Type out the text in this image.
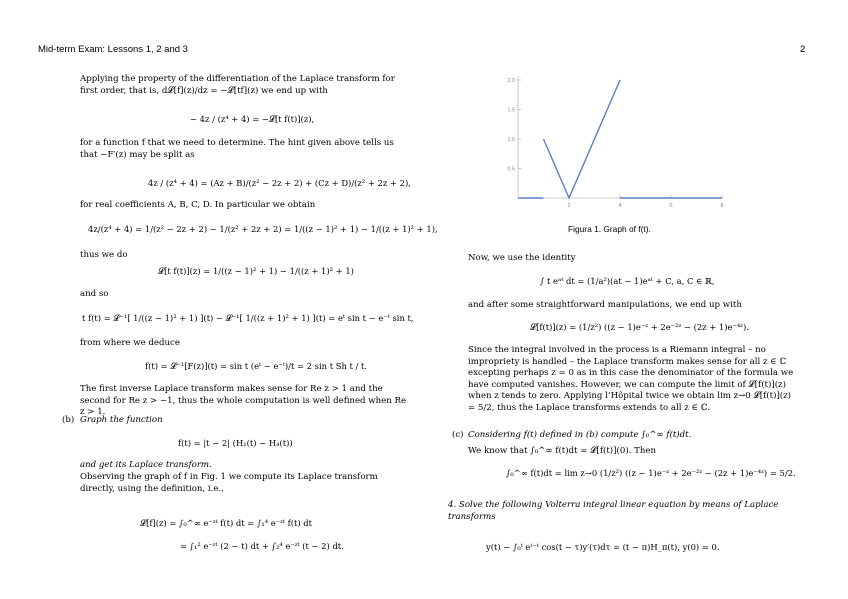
Mid-term Exam: Lessons 1, 2 and 3	2
Applying the property of the differentiation of the Laplace transform for first order, that is, d𝓛[f](z)/dz = −𝓛[tf](z) we end up with
− 4z / (z⁴ + 4) = −𝓛[t f(t)](z),
for a function f that we need to determine. The hint given above tells us that −F′(z) may be split as
4z / (z⁴ + 4) = (Az + B)/(z² − 2z + 2) + (Cz + D)/(z² + 2z + 2),
for real coefficients A, B, C, D. In particular we obtain
4z/(z⁴ + 4) = 1/(z² − 2z + 2) − 1/(z² + 2z + 2) = 1/((z − 1)² + 1) − 1/((z + 1)² + 1),
thus we do
𝓛[t f(t)](z) = 1/((z − 1)² + 1) − 1/((z + 1)² + 1)
and so
t f(t) = 𝓛⁻¹[ 1/((z − 1)² + 1) ](t) − 𝓛⁻¹[ 1/((z + 1)² + 1) ](t) = eᵗ sin t − e⁻ᵗ sin t,
from where we deduce
f(t) = 𝓛⁻¹[F(z)](t) = sin t (eᵗ − e⁻ᵗ)/t = 2 sin t Sh t / t.
The first inverse Laplace transform makes sense for Re z > 1 and the second for Re z > −1, thus the whole computation is well defined when Re z > 1.
(b) Graph the function
f(t) = |t − 2| (H₁(t) − H₄(t))
and get its Laplace transform.
Observing the graph of f in Fig. 1 we compute its Laplace transform directly, using the definition, i.e.,
𝓛[f](z) = ∫₀^∞ e⁻ᶻᵗ f(t) dt = ∫₁⁴ e⁻ᶻᵗ f(t) dt
= ∫₁² e⁻ᶻᵗ (2 − t) dt + ∫₂⁴ e⁻ᶻᵗ (t − 2) dt.
2	4	6	8
0.5
1.0
1.5
2.0
Figura 1. Graph of f(t).
Now, we use the identity
∫ t eᵃᵗ dt = (1/a²)(at − 1)eᵃᵗ + C, a, C ∈ ℝ,
and after some straightforward manipulations, we end up with
𝓛[f(t)](z) = (1/z²) ((z − 1)e⁻ᶻ + 2e⁻²ᶻ − (2z + 1)e⁻⁴ᶻ).
Since the integral involved in the process is a Riemann integral – no impropriety is handled – the Laplace transform makes sense for all z ∈ ℂ excepting perhaps z = 0 as in this case the denominator of the formula we have computed vanishes. However, we can compute the limit of 𝓛[f(t)](z) when z tends to zero. Applying l’Hôpital twice we obtain lim z→0 𝓛[f(t)](z) = 5/2, thus the Laplace transforms extends to all z ∈ ℂ.
(c) Considering f(t) defined in (b) compute ∫₀^∞ f(t)dt.
We know that ∫₀^∞ f(t)dt = 𝓛[f(t)](0). Then
∫₀^∞ f(t)dt = lim z→0 (1/z²) ((z − 1)e⁻ᶻ + 2e⁻²ᶻ − (2z + 1)e⁻⁴ᶻ) = 5/2.
4. Solve the following Volterra integral linear equation by means of Laplace transforms
y(t) − ∫₀ᵗ eᵗ⁻ᵗ cos(t − τ)y′(τ)dτ = (t − π)H_π(t), y(0) = 0.
